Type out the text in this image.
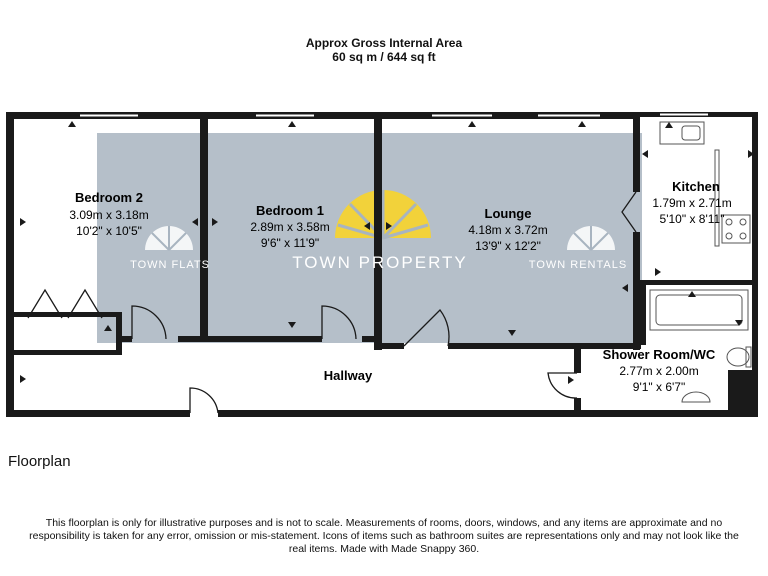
Approx Gross Internal Area
60 sq m / 644 sq ft
TOWN PROPERTY
TOWN FLATS	TOWN RENTALS
Bedroom 2
3.09m x 3.18m
10'2" x 10'5"
Bedroom 1
2.89m x 3.58m
9'6" x 11'9"
Lounge
4.18m x 3.72m
13'9" x 12'2"
Kitchen
1.79m x 2.71m
5'10" x 8'11"
Shower Room/WC
2.77m x 2.00m
9'1" x 6'7"
Hallway
Floorplan
This floorplan is only for illustrative purposes and is not to scale. Measurements of rooms, doors, windows, and any items are approximate and no responsibility is taken for any error, omission or mis-statement. Icons of items such as bathroom suites are representations only and may not look like the real items. Made with Made Snappy 360.
